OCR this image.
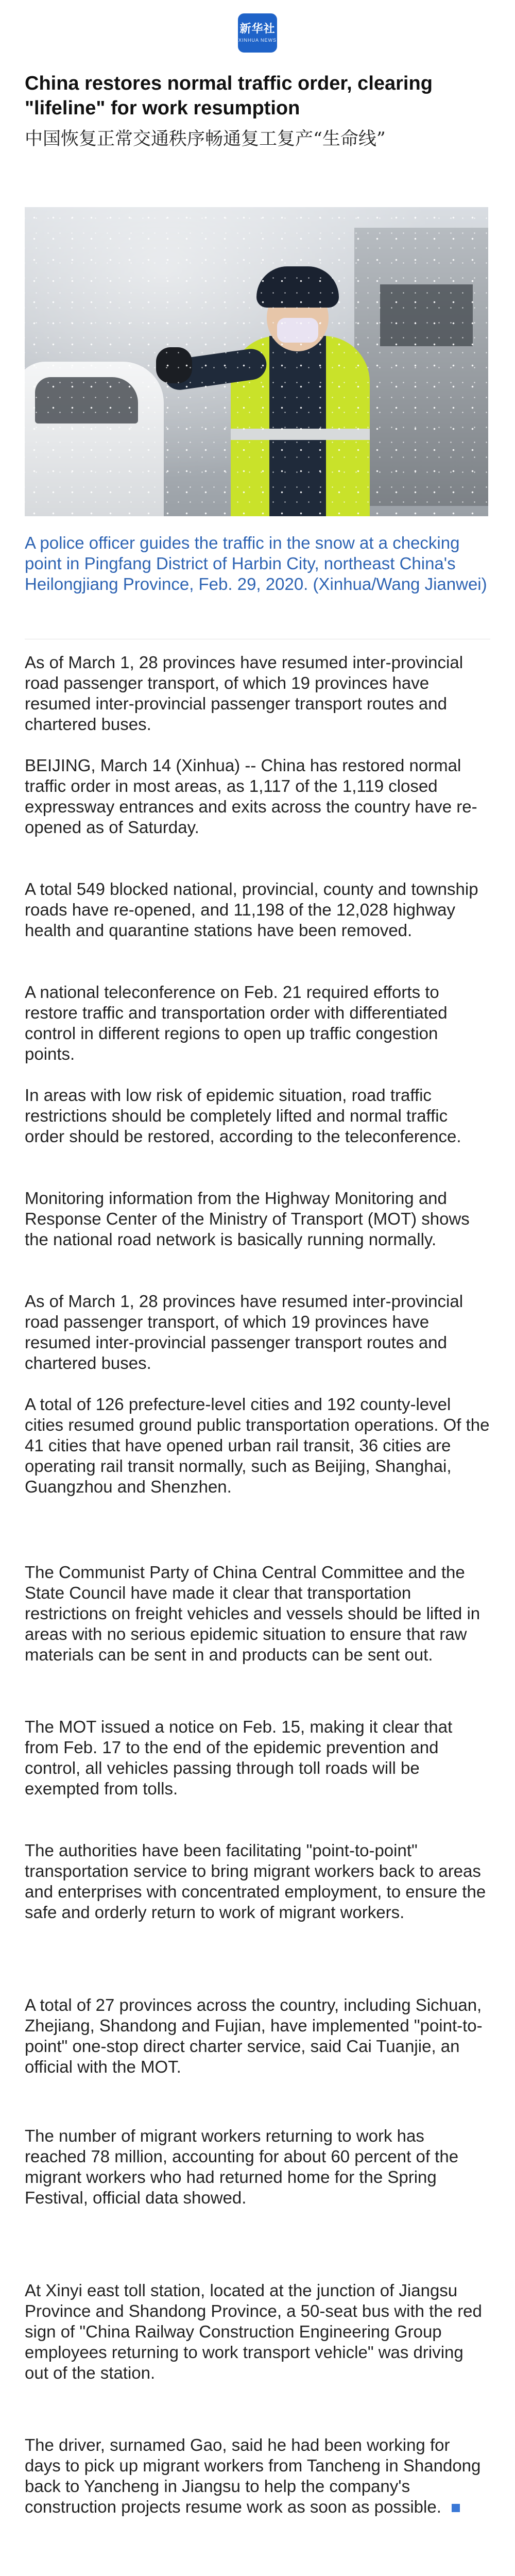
新华社
XINHUA NEWS
China restores normal traffic order, clearing "lifeline" for work resumption
中国恢复正常交通秩序畅通复工复产“生命线”
A police officer guides the traffic in the snow at a checking point in Pingfang District of Harbin City, northeast China's Heilongjiang Province, Feb. 29, 2020. (Xinhua/Wang Jianwei)
As of March 1, 28 provinces have resumed inter-provincial road passenger transport, of which 19 provinces have resumed inter-provincial passenger transport routes and chartered buses.
BEIJING, March 14 (Xinhua) -- China has restored normal traffic order in most areas, as 1,117 of the 1,119 closed expressway entrances and exits across the country have re-opened as of Saturday.
A total 549 blocked national, provincial, county and township roads have re-opened, and 11,198 of the 12,028 highway health and quarantine stations have been removed.
A national teleconference on Feb. 21 required efforts to restore traffic and transportation order with differentiated control in different regions to open up traffic congestion points.
In areas with low risk of epidemic situation, road traffic restrictions should be completely lifted and normal traffic order should be restored, according to the teleconference.
Monitoring information from the Highway Monitoring and Response Center of the Ministry of Transport (MOT) shows the national road network is basically running normally.
As of March 1, 28 provinces have resumed inter-provincial road passenger transport, of which 19 provinces have resumed inter-provincial passenger transport routes and chartered buses.
A total of 126 prefecture-level cities and 192 county-level cities resumed ground public transportation operations. Of the 41 cities that have opened urban rail transit, 36 cities are operating rail transit normally, such as Beijing, Shanghai, Guangzhou and Shenzhen.
The Communist Party of China Central Committee and the State Council have made it clear that transportation restrictions on freight vehicles and vessels should be lifted in areas with no serious epidemic situation to ensure that raw materials can be sent in and products can be sent out.
The MOT issued a notice on Feb. 15, making it clear that from Feb. 17 to the end of the epidemic prevention and control, all vehicles passing through toll roads will be exempted from tolls.
The authorities have been facilitating "point-to-point" transportation service to bring migrant workers back to areas and enterprises with concentrated employment, to ensure the safe and orderly return to work of migrant workers.
A total of 27 provinces across the country, including Sichuan, Zhejiang, Shandong and Fujian, have implemented "point-to-point" one-stop direct charter service, said Cai Tuanjie, an official with the MOT.
The number of migrant workers returning to work has reached 78 million, accounting for about 60 percent of the migrant workers who had returned home for the Spring Festival, official data showed.
At Xinyi east toll station, located at the junction of Jiangsu Province and Shandong Province, a 50-seat bus with the red sign of "China Railway Construction Engineering Group employees returning to work transport vehicle" was driving out of the station.
The driver, surnamed Gao, said he had been working for days to pick up migrant workers from Tancheng in Shandong back to Yancheng in Jiangsu to help the company's construction projects resume work as soon as possible.
